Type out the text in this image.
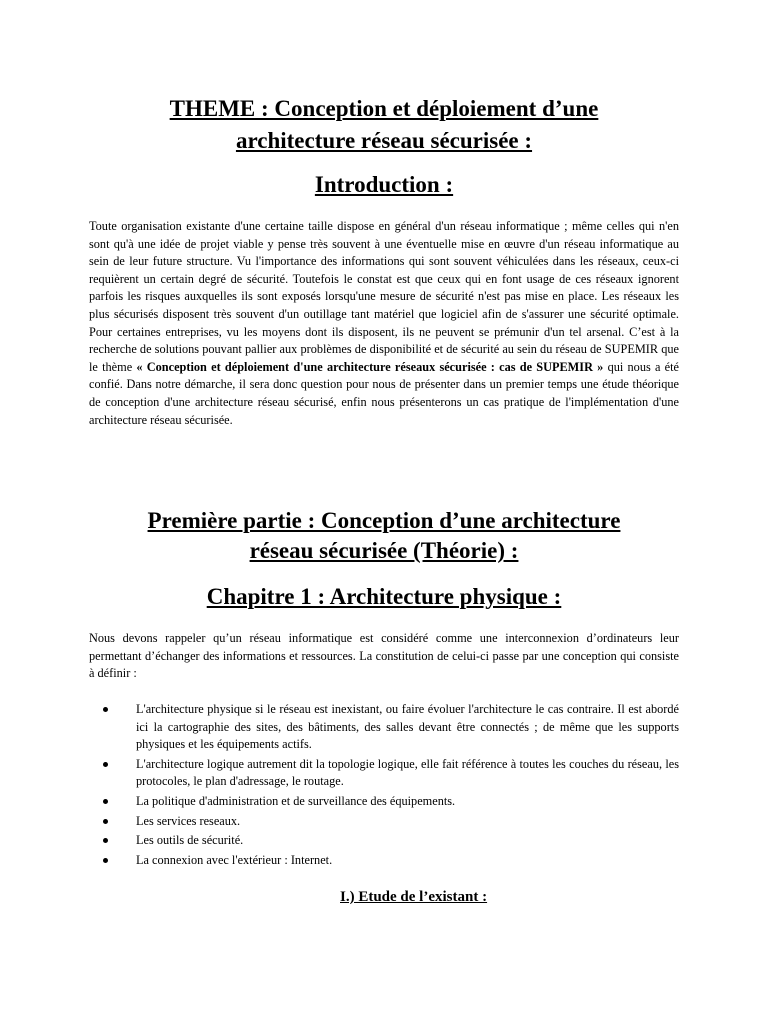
THEME : Conception et déploiement d’une

architecture réseau sécurisée :

Introduction :

Toute organisation existante d'une certaine taille dispose en général d'un réseau informatique ; même celles qui n'en sont qu'à une idée de projet viable y pense très souvent à une éventuelle mise en œuvre d'un réseau informatique au sein de leur future structure. Vu l'importance des informations qui sont souvent véhiculées dans les réseaux, ceux-ci requièrent un certain degré de sécurité. Toutefois le constat est que ceux qui en font usage de ces réseaux ignorent parfois les risques auxquelles ils sont exposés lorsqu'une mesure de sécurité n'est pas mise en place. Les réseaux les plus sécurisés disposent très souvent d'un outillage tant matériel que logiciel afin de s'assurer une sécurité optimale. Pour certaines entreprises, vu les moyens dont ils disposent, ils ne peuvent se prémunir d'un tel arsenal. C’est à la recherche de solutions pouvant pallier aux problèmes de disponibilité et de sécurité au sein du réseau de SUPEMIR que le thème « Conception et déploiement d'une architecture réseaux sécurisée : cas de SUPEMIR » qui nous a été confié. Dans notre démarche, il sera donc question pour nous de présenter dans un premier temps une étude théorique de conception d'une architecture réseau sécurisé, enfin nous présenterons un cas pratique de l'implémentation d'une architecture réseau sécurisée.

Première partie : Conception d’une architecture

réseau sécurisée (Théorie) :

Chapitre 1 : Architecture physique :

Nous devons rappeler qu’un réseau informatique est considéré comme une interconnexion d’ordinateurs leur permettant d’échanger des informations et ressources. La constitution de celui-ci passe par une conception qui consiste à définir :

L'architecture physique si le réseau est inexistant, ou faire évoluer l'architecture le cas contraire. Il est abordé ici la cartographie des sites, des bâtiments, des salles devant être connectés ; de même que les supports physiques et les équipements actifs.
L'architecture logique autrement dit la topologie logique, elle fait référence à toutes les couches du réseau, les protocoles, le plan d'adressage, le routage.
La politique d'administration et de surveillance des équipements.
Les services reseaux.
Les outils de sécurité.
La connexion avec l'extérieur : Internet.

I.) Etude de l’existant :
